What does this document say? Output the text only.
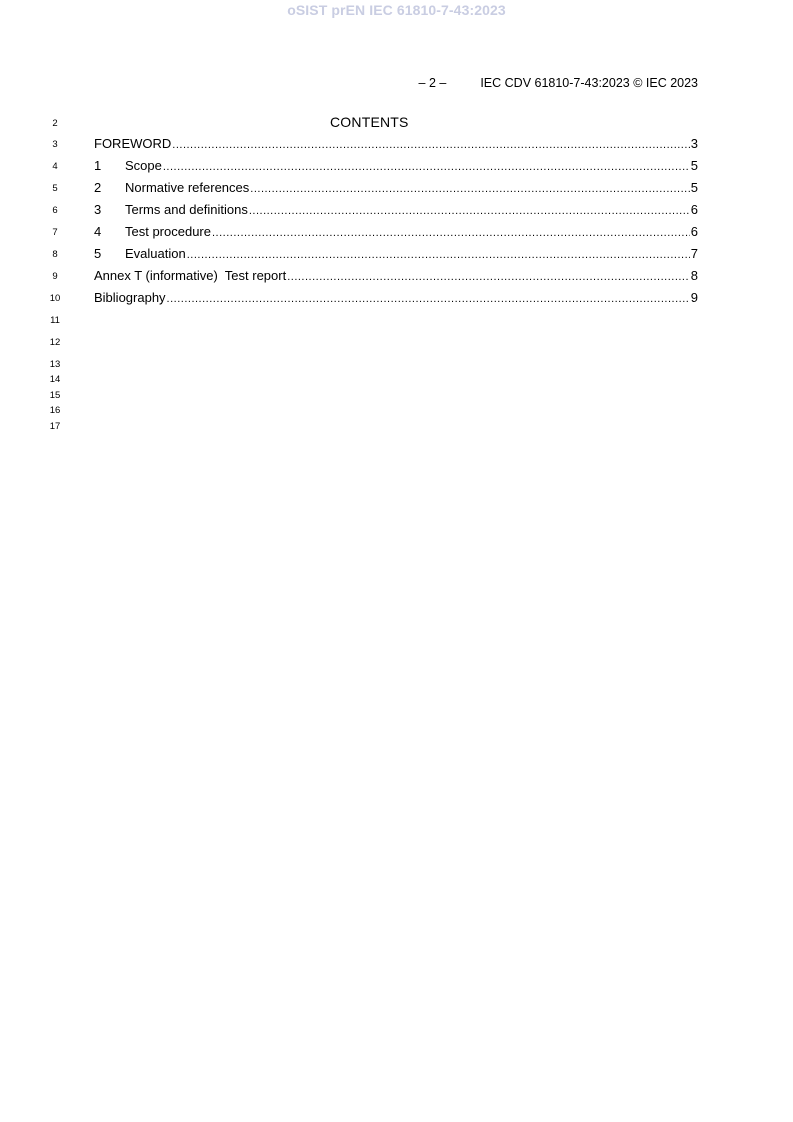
oSIST prEN IEC 61810-7-43:2023
– 2 –	IEC CDV 61810-7-43:2023 © IEC 2023
2
3
4
5
6
7
8
9
10
11
12
13
14
15
16
17
CONTENTS
FOREWORD .....	3
1	Scope .....	5
2	Normative references .....	5
3	Terms and definitions .....	6
4	Test procedure .....	6
5	Evaluation .....	7
Annex T (informative)  Test report .....	8
Bibliography .....	9
